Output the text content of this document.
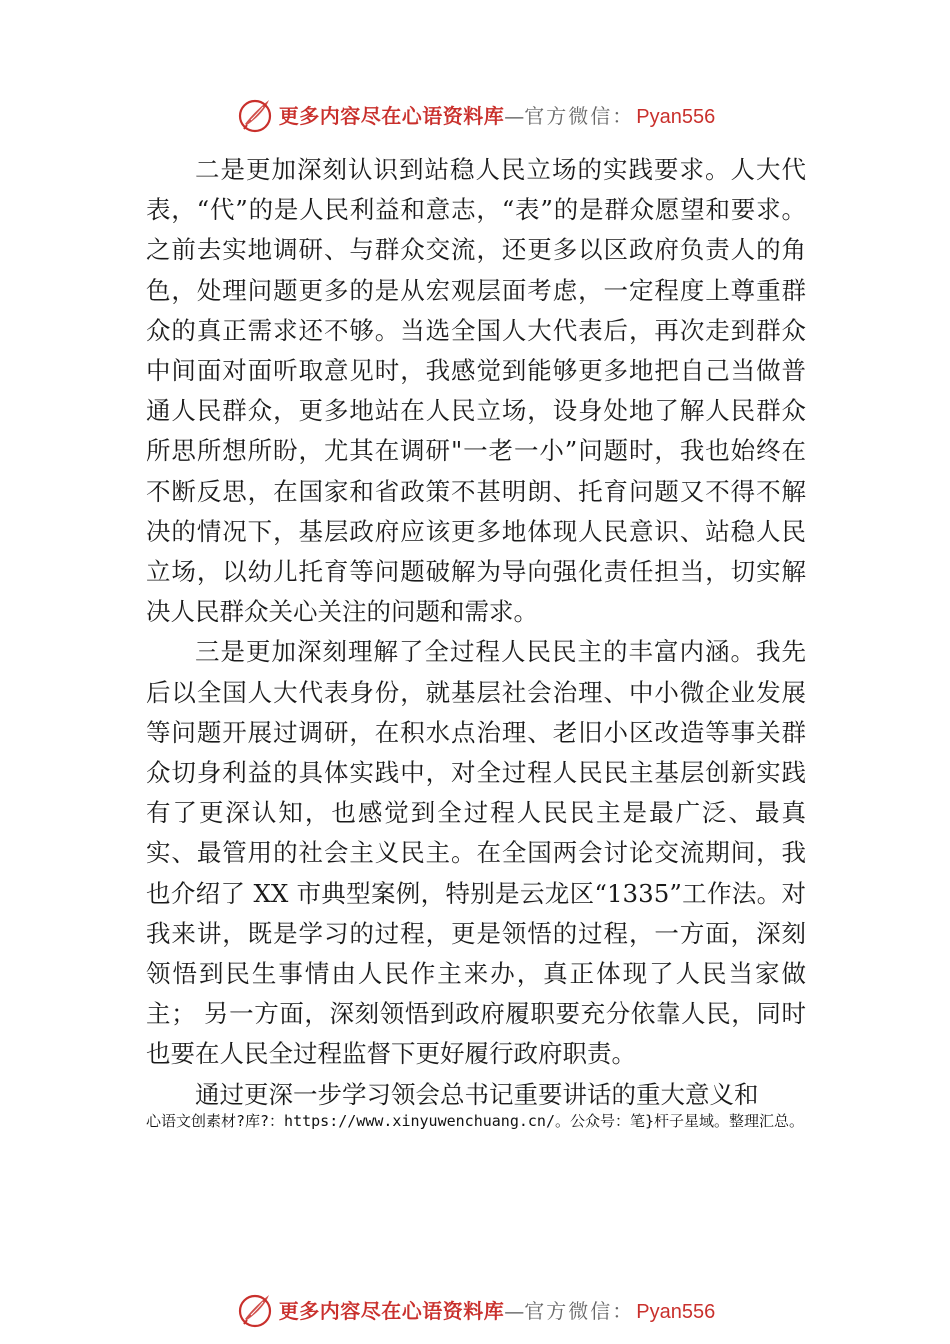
更多内容尽在心语资料库 — 官方微信： Pyan556

二是更加深刻认识到站稳人民立场的实践要求。人大代表，“代”的是人民利益和意志，“表”的是群众愿望和要求。之前去实地调研、与群众交流，还更多以区政府负责人的角色，处理问题更多的是从宏观层面考虑，一定程度上尊重群众的真正需求还不够。当选全国人大代表后，再次走到群众中间面对面听取意见时，我感觉到能够更多地把自己当做普通人民群众，更多地站在人民立场，设身处地了解人民群众所思所想所盼，尤其在调研"一老一小”问题时，我也始终在不断反思，在国家和省政策不甚明朗、托育问题又不得不解决的情况下，基层政府应该更多地体现人民意识、站稳人民立场，以幼儿托育等问题破解为导向强化责任担当，切实解决人民群众关心关注的问题和需求。

三是更加深刻理解了全过程人民民主的丰富内涵。我先后以全国人大代表身份，就基层社会治理、中小微企业发展等问题开展过调研，在积水点治理、老旧小区改造等事关群众切身利益的具体实践中，对全过程人民民主基层创新实践有了更深认知，也感觉到全过程人民民主是最广泛、最真实、最管用的社会主义民主。在全国两会讨论交流期间，我也介绍了 XX 市典型案例，特别是云龙区“1335”工作法。对我来讲，既是学习的过程，更是领悟的过程，一方面，深刻领悟到民生事情由人民作主来办，真正体现了人民当家做主； 另一方面，深刻领悟到政府履职要充分依靠人民，同时也要在人民全过程监督下更好履行政府职责。

通过更深一步学习领会总书记重要讲话的重大意义和

心语文创素材?库?：https://www.xinyuwenchuang.cn/。公众号：笔}杆子星域。整理汇总。
更多内容尽在心语资料库 — 官方微信： Pyan556
